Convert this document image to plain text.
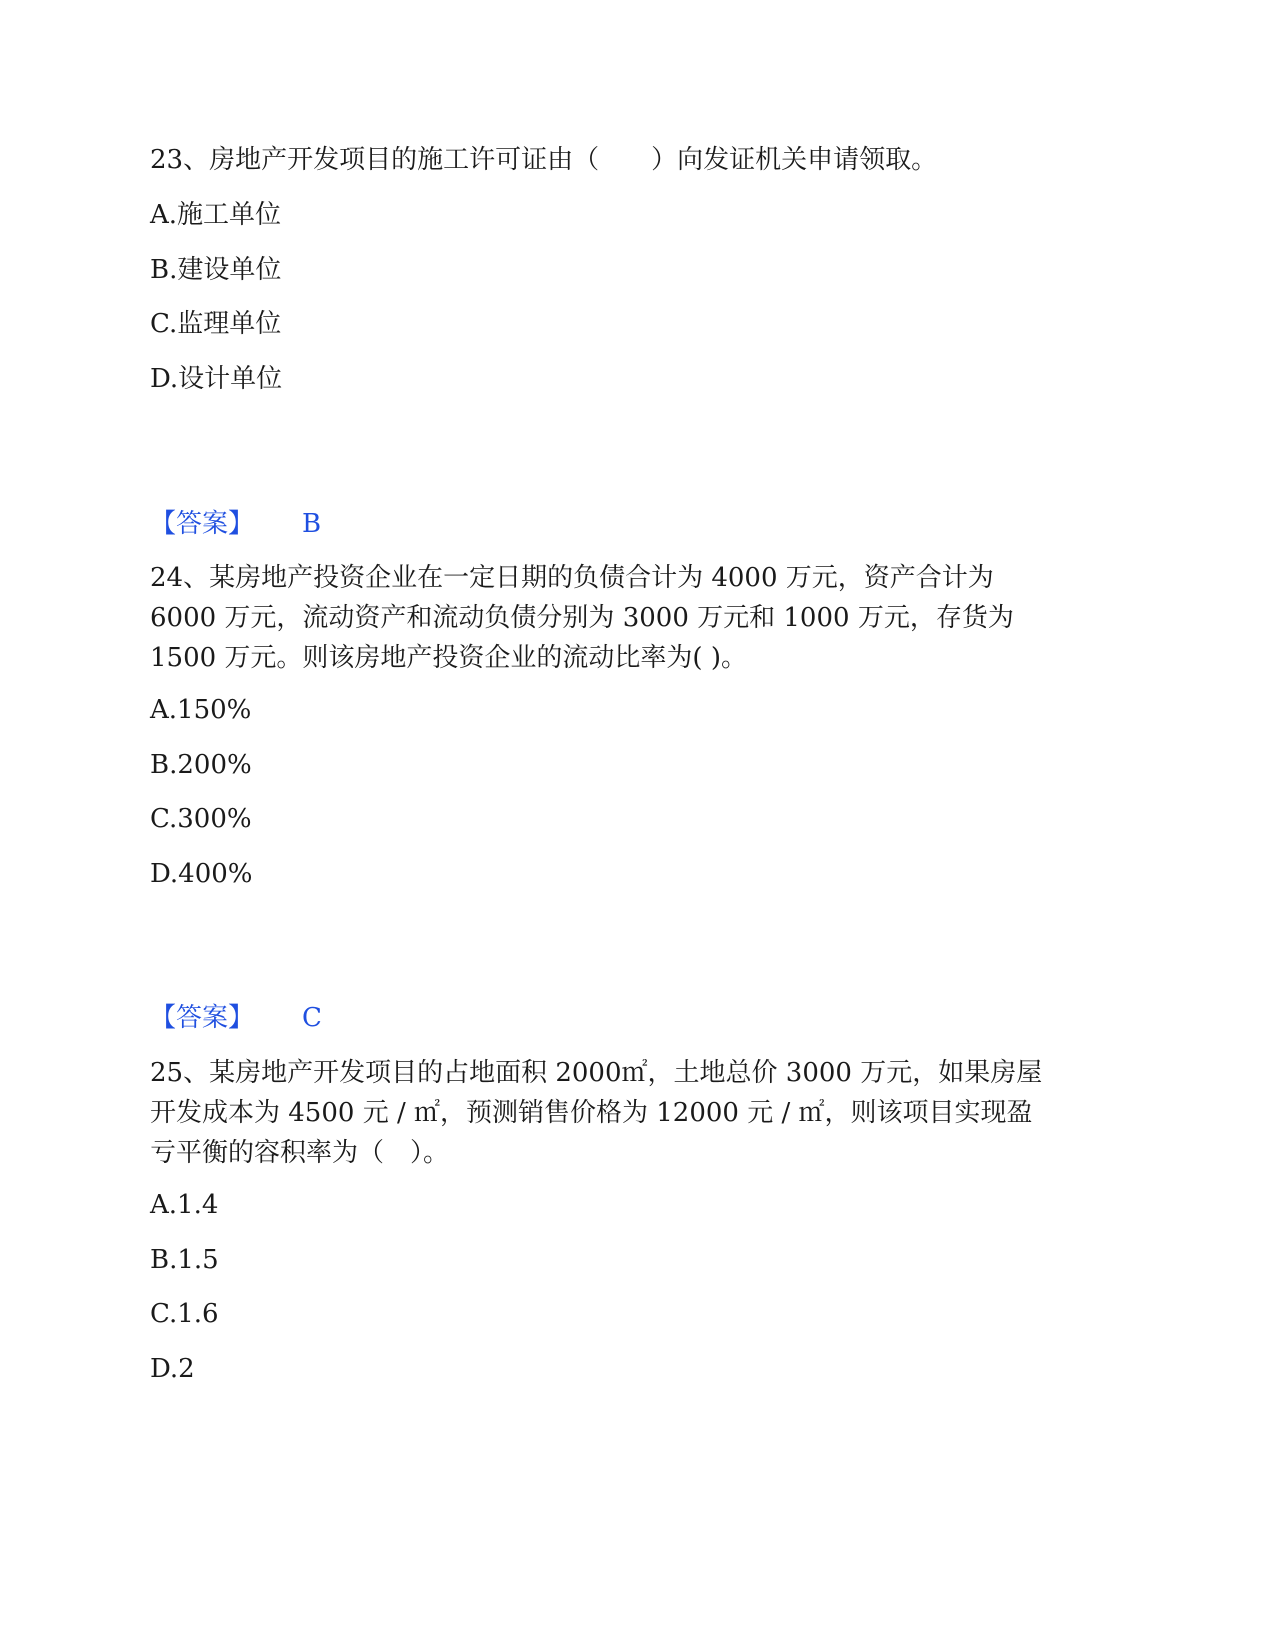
23、房地产开发项目的施工许可证由（　　）向发证机关申请领取。
A.施工单位
B.建设单位
C.监理单位
D.设计单位
【答案】 B
24、某房地产投资企业在一定日期的负债合计为 4000 万元，资产合计为
6000 万元，流动资产和流动负债分别为 3000 万元和 1000 万元，存货为
1500 万元。则该房地产投资企业的流动比率为( )。
A.150%
B.200%
C.300%
D.400%
【答案】 C
25、某房地产开发项目的占地面积 2000㎡，土地总价 3000 万元，如果房屋
开发成本为 4500 元 / ㎡，预测销售价格为 12000 元 / ㎡，则该项目实现盈
亏平衡的容积率为（　）。
A.1.4
B.1.5
C.1.6
D.2
